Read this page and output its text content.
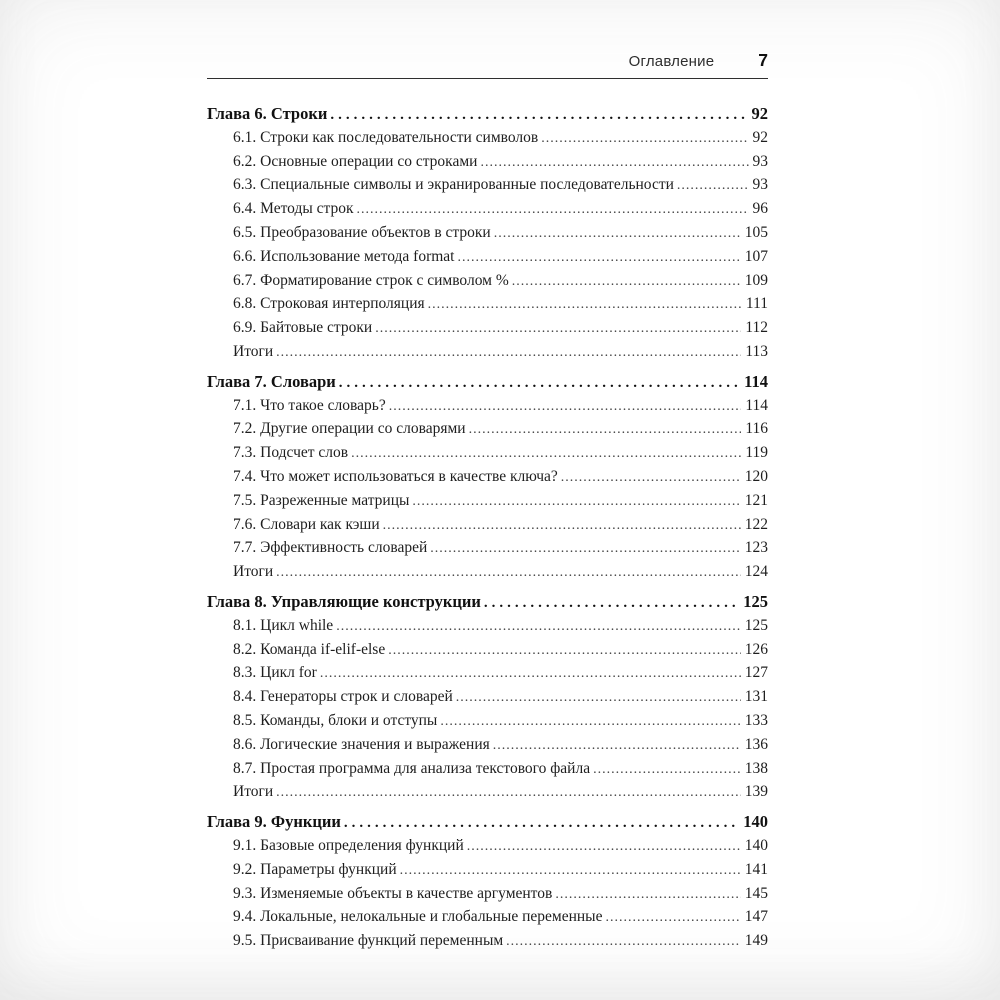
Оглавление	7
Глава 6. Строки .....	92
6.1. Строки как последовательности символов .....	92
6.2. Основные операции со строками .....	93
6.3. Специальные символы и экранированные последовательности .....	93
6.4. Методы строк .....	96
6.5. Преобразование объектов в строки .....	105
6.6. Использование метода format .....	107
6.7. Форматирование строк с символом % .....	109
6.8. Строковая интерполяция .....	111
6.9. Байтовые строки .....	112
Итоги .....	113
Глава 7. Словари .....	114
7.1. Что такое словарь? .....	114
7.2. Другие операции со словарями .....	116
7.3. Подсчет слов .....	119
7.4. Что может использоваться в качестве ключа? .....	120
7.5. Разреженные матрицы .....	121
7.6. Словари как кэши .....	122
7.7. Эффективность словарей .....	123
Итоги .....	124
Глава 8. Управляющие конструкции .....	125
8.1. Цикл while .....	125
8.2. Команда if-elif-else .....	126
8.3. Цикл for .....	127
8.4. Генераторы строк и словарей .....	131
8.5. Команды, блоки и отступы .....	133
8.6. Логические значения и выражения .....	136
8.7. Простая программа для анализа текстового файла .....	138
Итоги .....	139
Глава 9. Функции .....	140
9.1. Базовые определения функций .....	140
9.2. Параметры функций .....	141
9.3. Изменяемые объекты в качестве аргументов .....	145
9.4. Локальные, нелокальные и глобальные переменные .....	147
9.5. Присваивание функций переменным .....	149
